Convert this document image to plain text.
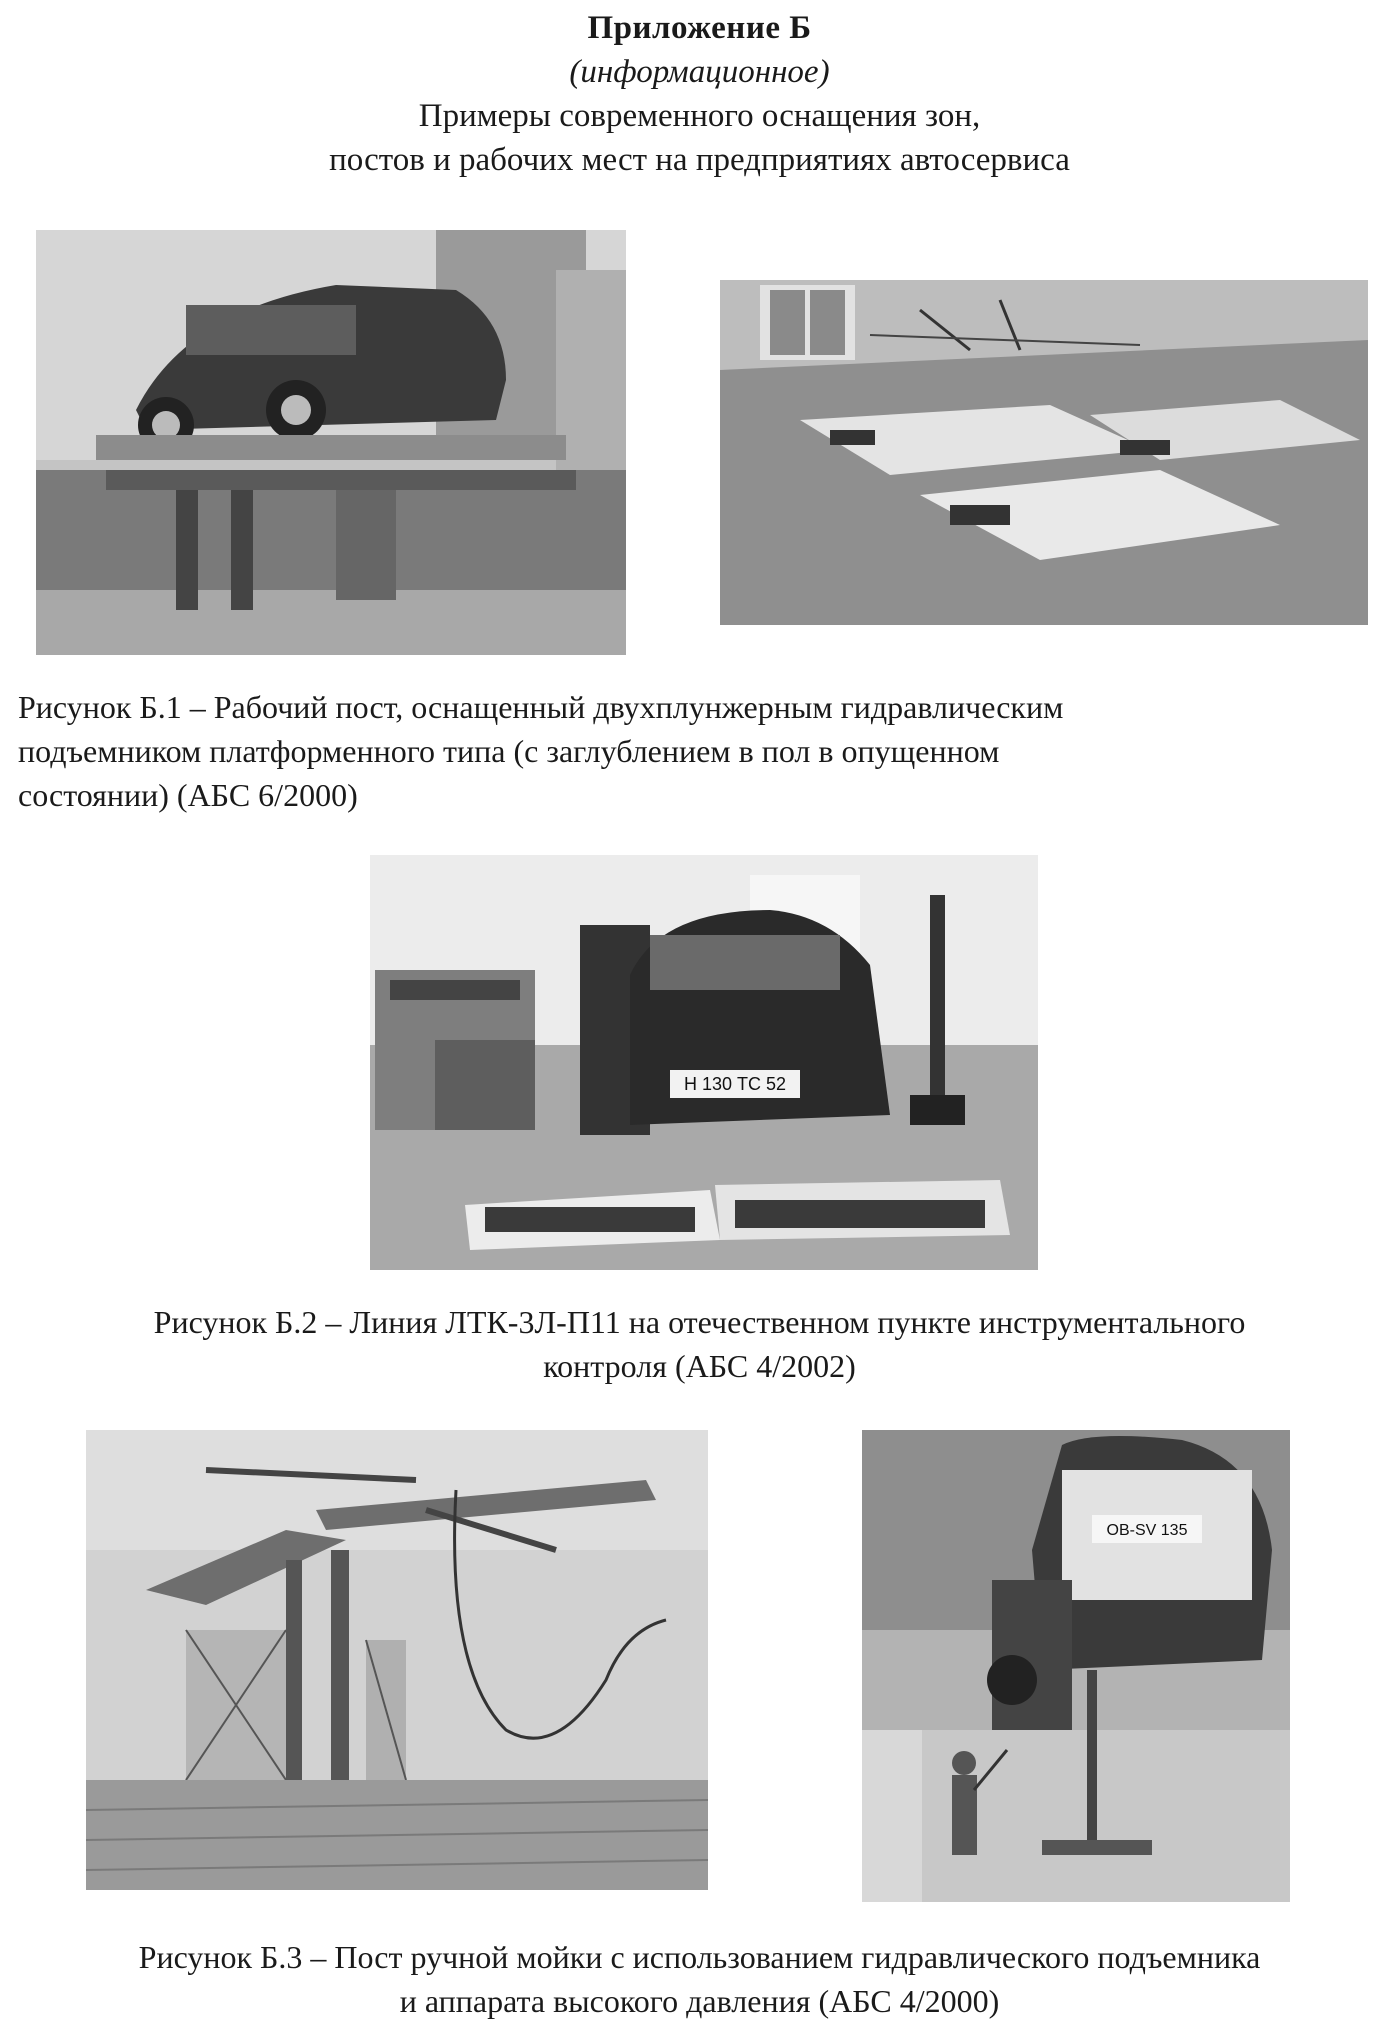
Приложение Б
(информационное)
Примеры современного оснащения зон,
постов и рабочих мест на предприятиях автосервиса
Рисунок Б.1 – Рабочий пост, оснащенный двухплунжерным гидравлическим
подъемником платформенного типа (с заглублением в пол в опущенном
состоянии) (АБС 6/2000)
Н 130 ТС 52
Рисунок Б.2 – Линия ЛТК-3Л-П11 на отечественном пункте инструментального
контроля (АБС 4/2002)
OB-SV 135
Рисунок Б.3 – Пост ручной мойки с использованием гидравлического подъемника
и аппарата высокого давления (АБС 4/2000)
